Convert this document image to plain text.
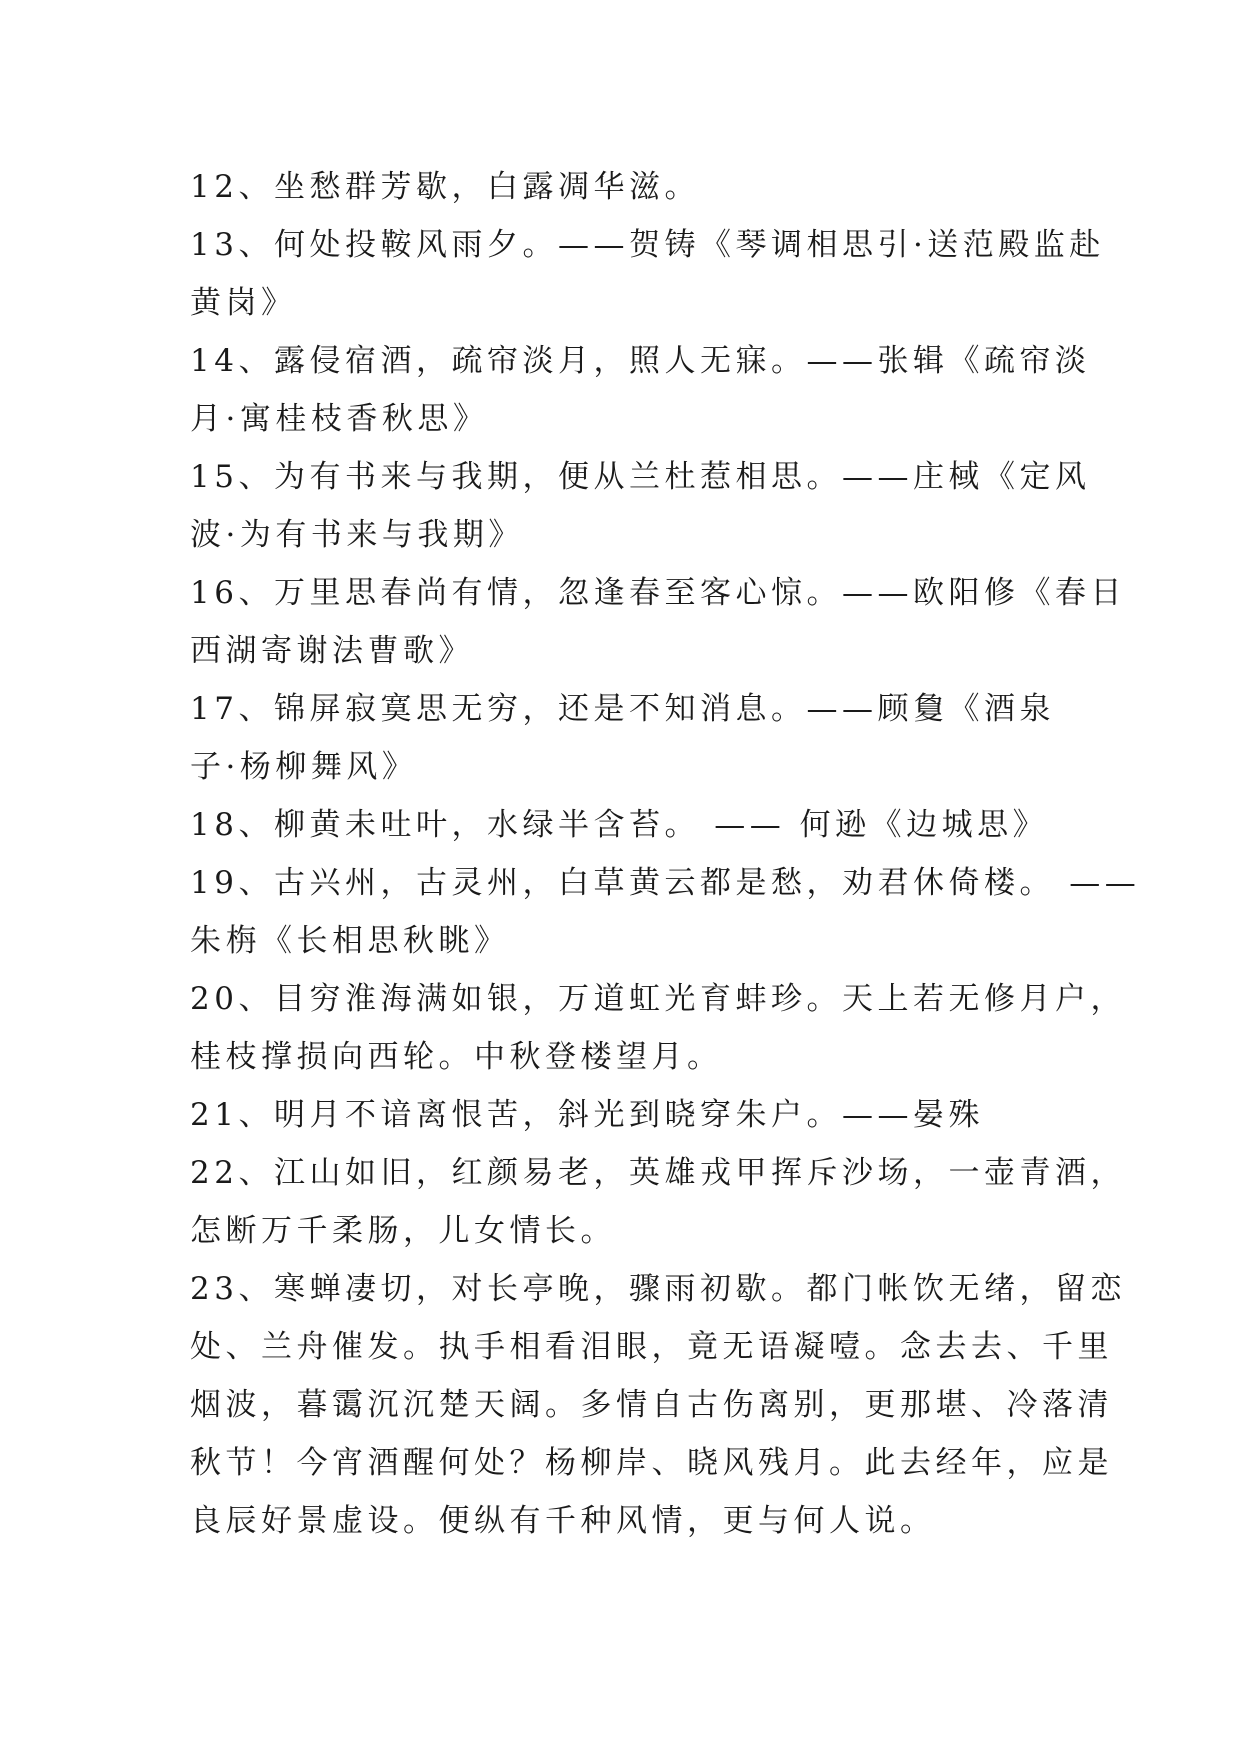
12、坐愁群芳歇，白露凋华滋。
13、何处投鞍风雨夕。——贺铸《琴调相思引·送范殿监赴
黄岗》
14、露侵宿酒，疏帘淡月，照人无寐。——张辑《疏帘淡
月·寓桂枝香秋思》
15、为有书来与我期，便从兰杜惹相思。——庄棫《定风
波·为有书来与我期》
16、万里思春尚有情，忽逢春至客心惊。——欧阳修《春日
西湖寄谢法曹歌》
17、锦屏寂寞思无穷，还是不知消息。——顾敻《酒泉
子·杨柳舞风》
18、柳黄未吐叶，水绿半含苔。 —— 何逊《边城思》
19、古兴州，古灵州，白草黄云都是愁，劝君休倚楼。 ——
朱栴《长相思秋眺》
20、目穷淮海满如银，万道虹光育蚌珍。天上若无修月户，
桂枝撑损向西轮。中秋登楼望月。
21、明月不谙离恨苦，斜光到晓穿朱户。——晏殊
22、江山如旧，红颜易老，英雄戎甲挥斥沙场，一壶青酒，
怎断万千柔肠，儿女情长。
23、寒蝉凄切，对长亭晚，骤雨初歇。都门帐饮无绪，留恋
处、兰舟催发。执手相看泪眼，竟无语凝噎。念去去、千里
烟波，暮霭沉沉楚天阔。多情自古伤离别，更那堪、冷落清
秋节！今宵酒醒何处？杨柳岸、晓风残月。此去经年，应是
良辰好景虚设。便纵有千种风情，更与何人说。
